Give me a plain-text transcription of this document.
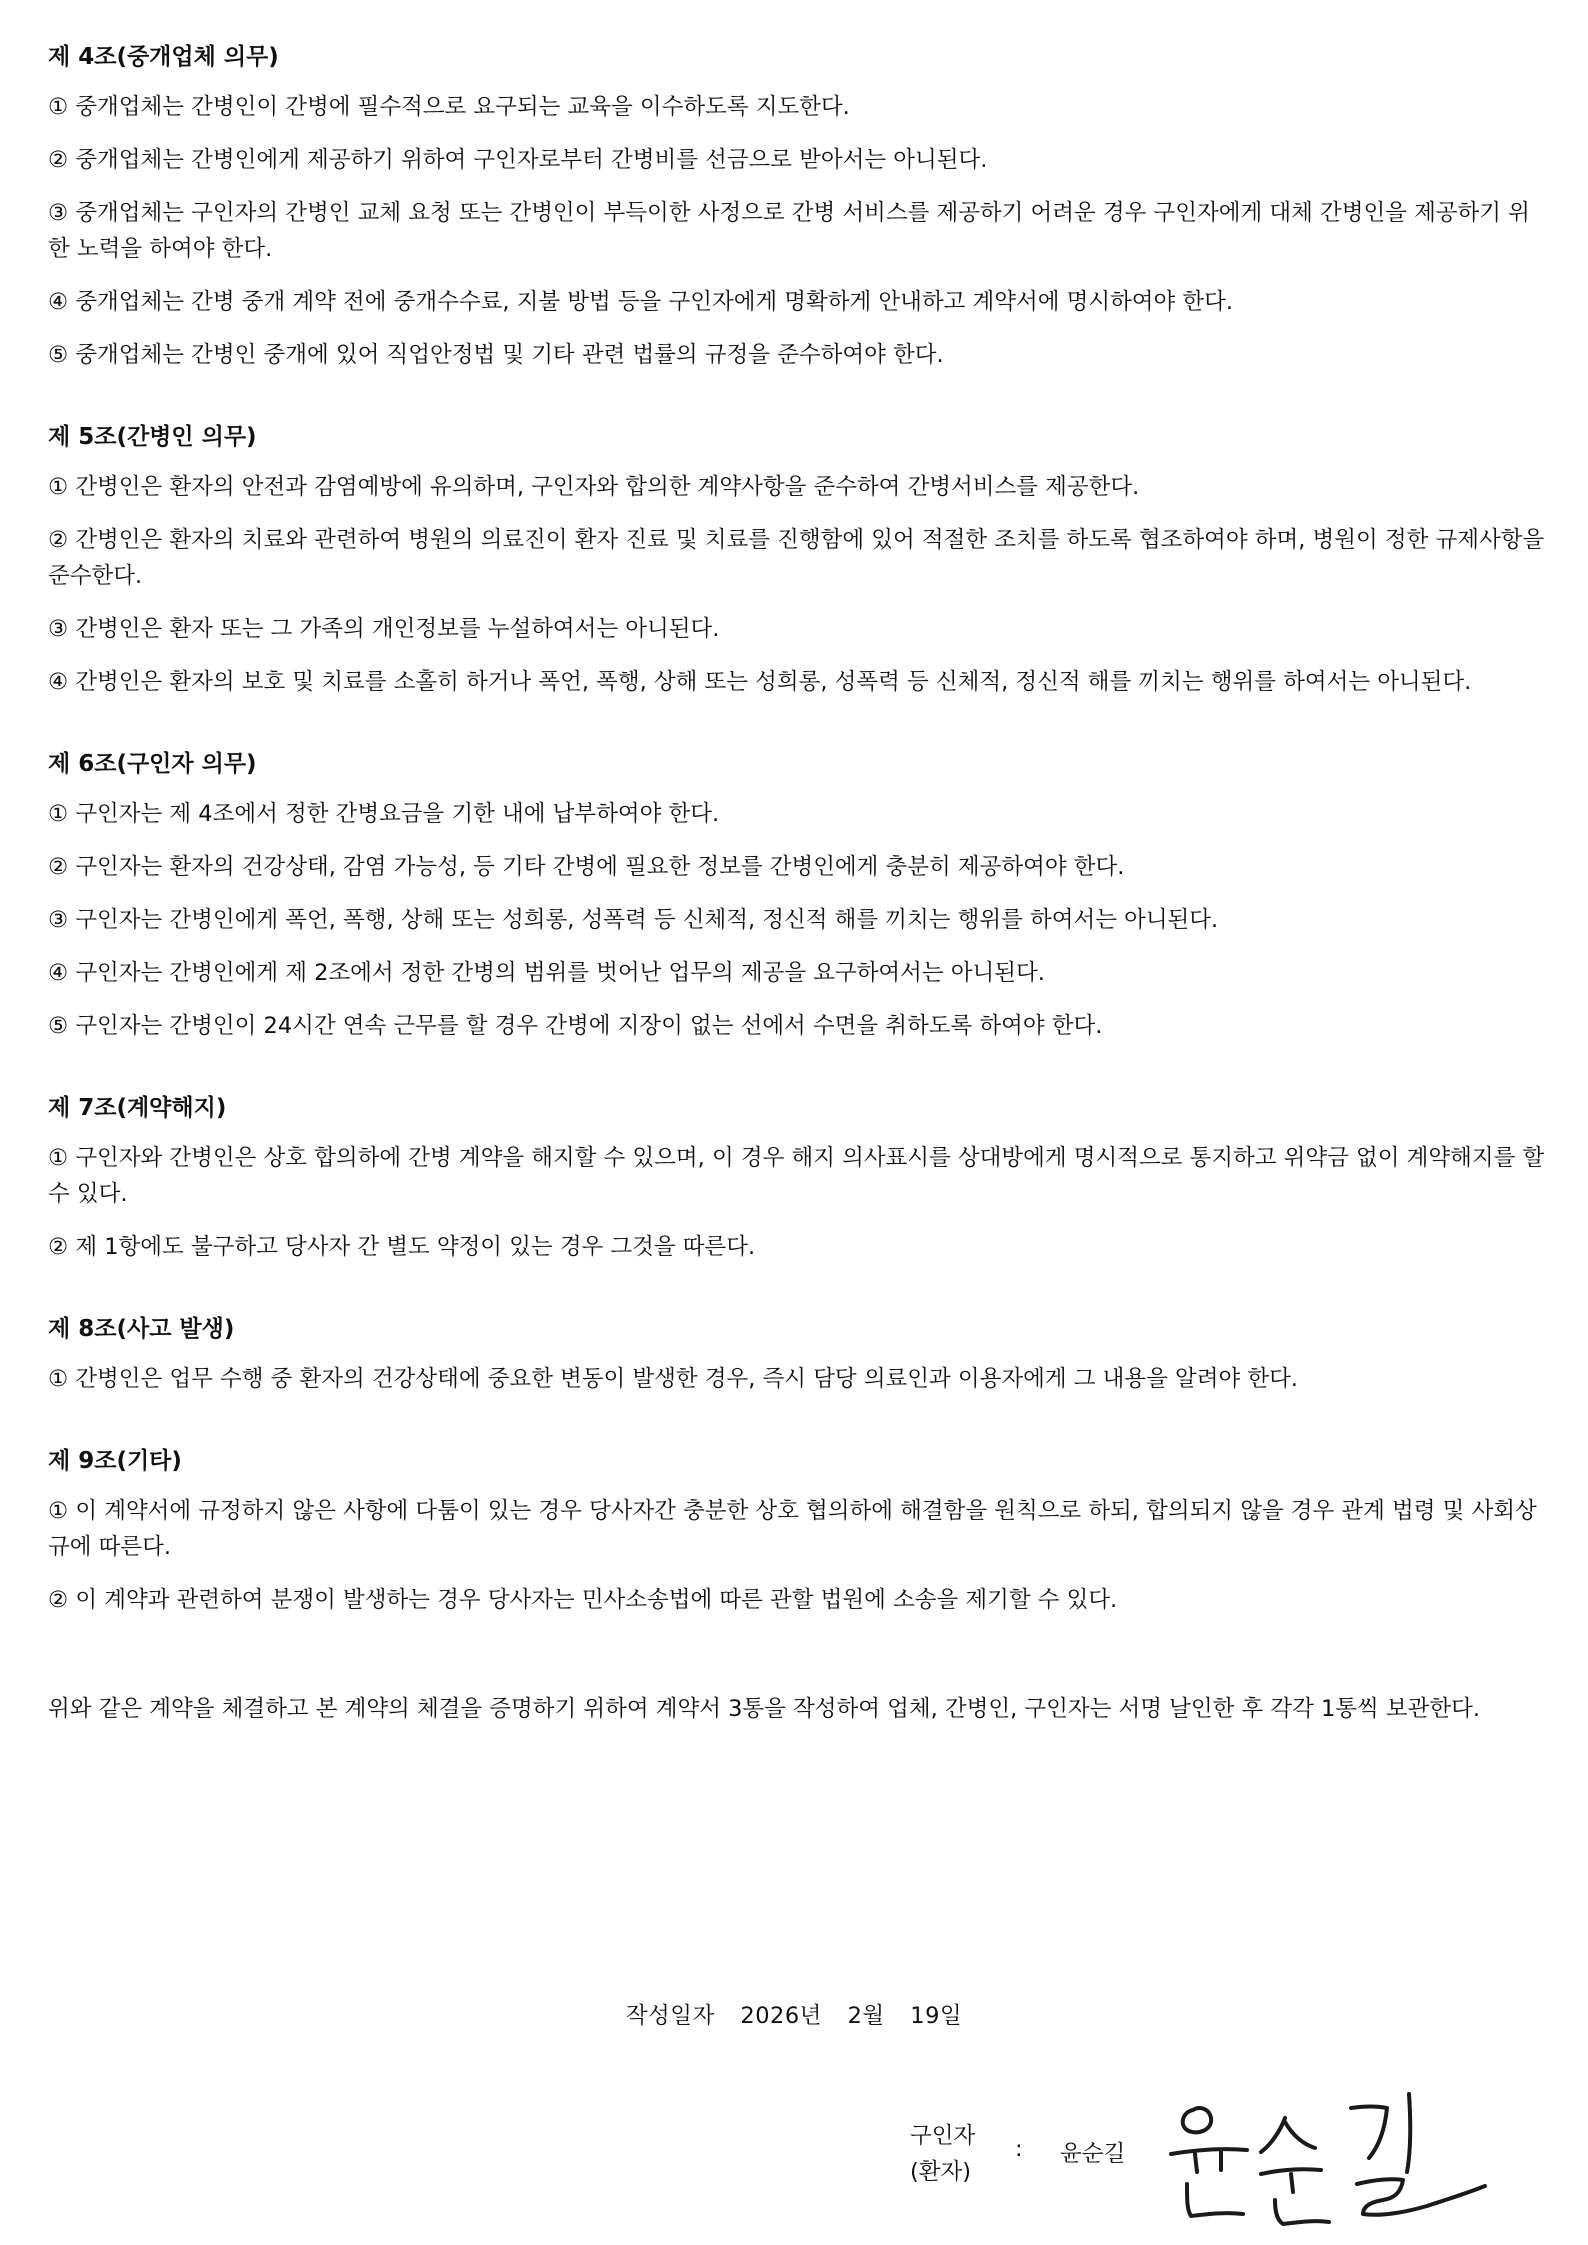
제 4조(중개업체 의무)

① 중개업체는 간병인이 간병에 필수적으로 요구되는 교육을 이수하도록 지도한다.

② 중개업체는 간병인에게 제공하기 위하여 구인자로부터 간병비를 선금으로 받아서는 아니된다.

③ 중개업체는 구인자의 간병인 교체 요청 또는 간병인이 부득이한 사정으로 간병 서비스를 제공하기 어려운 경우 구인자에게 대체 간병인을 제공하기 위한 노력을 하여야 한다.

④ 중개업체는 간병 중개 계약 전에 중개수수료, 지불 방법 등을 구인자에게 명확하게 안내하고 계약서에 명시하여야 한다.

⑤ 중개업체는 간병인 중개에 있어 직업안정법 및 기타 관련 법률의 규정을 준수하여야 한다.

제 5조(간병인 의무)

① 간병인은 환자의 안전과 감염예방에 유의하며, 구인자와 합의한 계약사항을 준수하여 간병서비스를 제공한다.

② 간병인은 환자의 치료와 관련하여 병원의 의료진이 환자 진료 및 치료를 진행함에 있어 적절한 조치를 하도록 협조하여야 하며, 병원이 정한 규제사항을 준수한다.

③ 간병인은 환자 또는 그 가족의 개인정보를 누설하여서는 아니된다.

④ 간병인은 환자의 보호 및 치료를 소홀히 하거나 폭언, 폭행, 상해 또는 성희롱, 성폭력 등 신체적, 정신적 해를 끼치는 행위를 하여서는 아니된다.

제 6조(구인자 의무)

① 구인자는 제 4조에서 정한 간병요금을 기한 내에 납부하여야 한다.

② 구인자는 환자의 건강상태, 감염 가능성, 등 기타 간병에 필요한 정보를 간병인에게 충분히 제공하여야 한다.

③ 구인자는 간병인에게 폭언, 폭행, 상해 또는 성희롱, 성폭력 등 신체적, 정신적 해를 끼치는 행위를 하여서는 아니된다.

④ 구인자는 간병인에게 제 2조에서 정한 간병의 범위를 벗어난 업무의 제공을 요구하여서는 아니된다.

⑤ 구인자는 간병인이 24시간 연속 근무를 할 경우 간병에 지장이 없는 선에서 수면을 취하도록 하여야 한다.

제 7조(계약해지)

① 구인자와 간병인은 상호 합의하에 간병 계약을 해지할 수 있으며, 이 경우 해지 의사표시를 상대방에게 명시적으로 통지하고 위약금 없이 계약해지를 할 수 있다.

② 제 1항에도 불구하고 당사자 간 별도 약정이 있는 경우 그것을 따른다.

제 8조(사고 발생)

① 간병인은 업무 수행 중 환자의 건강상태에 중요한 변동이 발생한 경우, 즉시 담당 의료인과 이용자에게 그 내용을 알려야 한다.

제 9조(기타)

① 이 계약서에 규정하지 않은 사항에 다툼이 있는 경우 당사자간 충분한 상호 협의하에 해결함을 원칙으로 하되, 합의되지 않을 경우 관계 법령 및 사회상규에 따른다.

② 이 계약과 관련하여 분쟁이 발생하는 경우 당사자는 민사소송법에 따른 관할 법원에 소송을 제기할 수 있다.

위와 같은 계약을 체결하고 본 계약의 체결을 증명하기 위하여 계약서 3통을 작성하여 업체, 간병인, 구인자는 서명 날인한 후 각각 1통씩 보관한다.

작성일자 2026년 2월 19일
구인자
(환자)
: 윤순길
